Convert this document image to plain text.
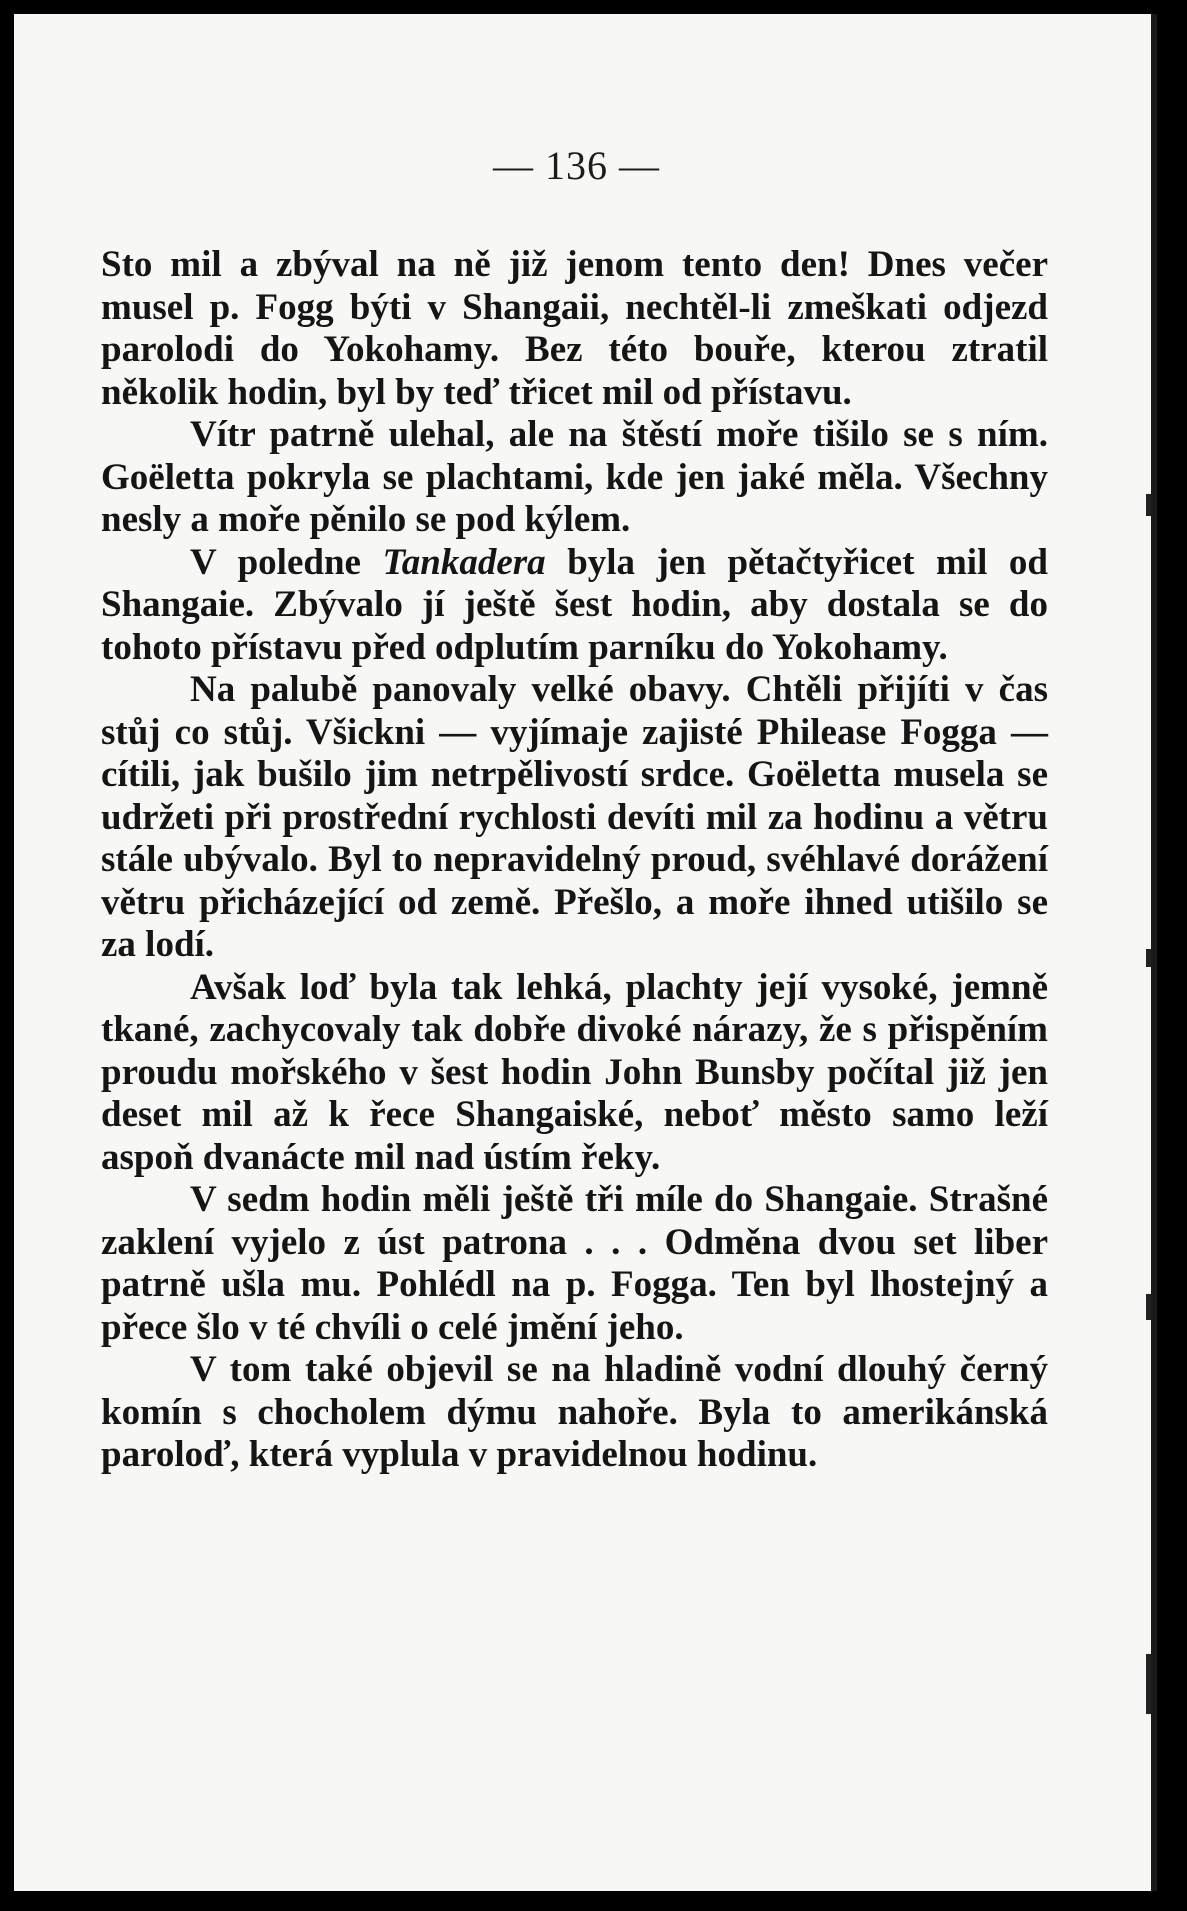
— 136 —

Sto mil a zbýval na ně již jenom tento den! Dnes večer musel p. Fogg býti v Shangaii, nechtěl-li zmeškati odjezd parolodi do Yokohamy. Bez této bouře, kterou ztratil několik hodin, byl by teď třicet mil od přístavu.

Vítr patrně ulehal, ale na štěstí moře tišilo se s ním. Goëletta pokryla se plachtami, kde jen jaké měla. Všechny nesly a moře pěnilo se pod kýlem.

V poledne Tankadera byla jen pětačtyřicet mil od Shangaie. Zbývalo jí ještě šest hodin, aby dostala se do tohoto přístavu před odplutím parníku do Yokohamy.

Na palubě panovaly velké obavy. Chtěli přijíti v čas stůj co stůj. Všickni — vyjímaje zajisté Philease Fogga — cítili, jak bušilo jim netrpělivostí srdce. Goëletta musela se udržeti při prostřední rychlosti devíti mil za hodinu a větru stále ubývalo. Byl to nepravidelný proud, svéhlavé dorážení větru přicházející od země. Přešlo, a moře ihned utišilo se za lodí.

Avšak loď byla tak lehká, plachty její vysoké, jemně tkané, zachycovaly tak dobře divoké nárazy, že s přispěním proudu mořského v šest hodin John Bunsby počítal již jen deset mil až k řece Shangaiské, neboť město samo leží aspoň dvanácte mil nad ústím řeky.

V sedm hodin měli ještě tři míle do Shangaie. Strašné zaklení vyjelo z úst patrona . . . Odměna dvou set liber patrně ušla mu. Pohlédl na p. Fogga. Ten byl lhostejný a přece šlo v té chvíli o celé jmění jeho.

V tom také objevil se na hladině vodní dlouhý černý komín s chocholem dýmu nahoře. Byla to amerikánská paroloď, která vyplula v pravidelnou hodinu.
